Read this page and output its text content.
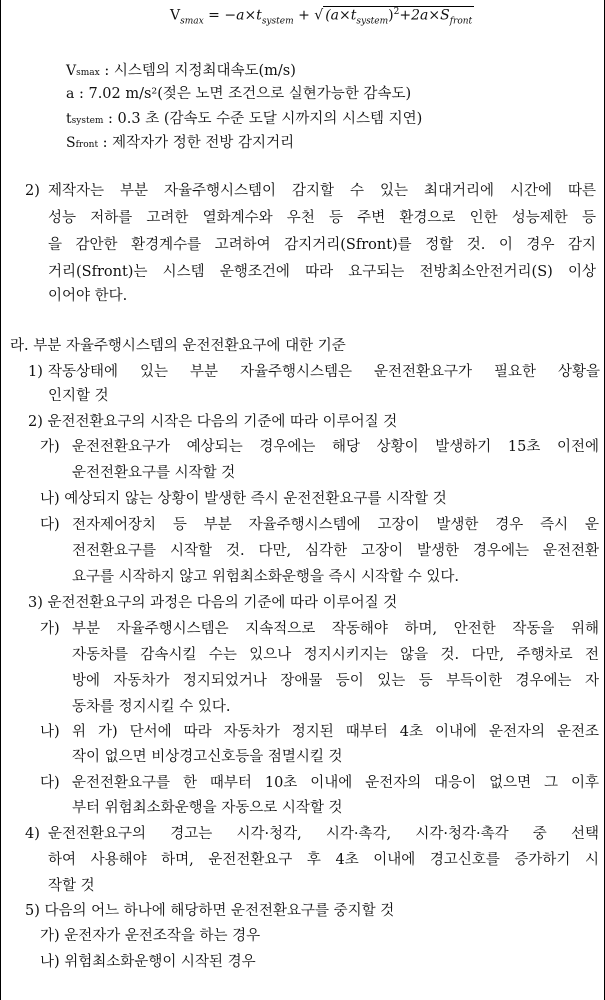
$V_{smax} = -a\times t_{system}$ + √ $(a\times t_{system})^2+2a\times S_{front}$
Vsmax : 시스템의 지정최대속도(m/s)
a : 7.02 m/s²(젖은 노면 조건으로 실현가능한 감속도)
tsystem : 0.3 초 (감속도 수준 도달 시까지의 시스템 지연)
Sfront : 제작자가 정한 전방 감지거리
2) 제작자는 부분 자율주행시스템이 감지할 수 있는 최대거리에 시간에 따른
성능 저하를 고려한 열화계수와 우천 등 주변 환경으로 인한 성능제한 등
을 감안한 환경계수를 고려하여 감지거리(Sfront)를 정할 것. 이 경우 감지
거리(Sfront)는 시스템 운행조건에 따라 요구되는 전방최소안전거리(S) 이상
이어야 한다.
라. 부분 자율주행시스템의 운전전환요구에 대한 기준
1) 작동상태에 있는 부분 자율주행시스템은 운전전환요구가 필요한 상황을
인지할 것
2) 운전전환요구의 시작은 다음의 기준에 따라 이루어질 것
가) 운전전환요구가 예상되는 경우에는 해당 상황이 발생하기 15초 이전에
운전전환요구를 시작할 것
나) 예상되지 않는 상황이 발생한 즉시 운전전환요구를 시작할 것
다) 전자제어장치 등 부분 자율주행시스템에 고장이 발생한 경우 즉시 운
전전환요구를 시작할 것. 다만, 심각한 고장이 발생한 경우에는 운전전환
요구를 시작하지 않고 위험최소화운행을 즉시 시작할 수 있다.
3) 운전전환요구의 과정은 다음의 기준에 따라 이루어질 것
가) 부분 자율주행시스템은 지속적으로 작동해야 하며, 안전한 작동을 위해
자동차를 감속시킬 수는 있으나 정지시키지는 않을 것. 다만, 주행차로 전
방에 자동차가 정지되었거나 장애물 등이 있는 등 부득이한 경우에는 자
동차를 정지시킬 수 있다.
나) 위 가) 단서에 따라 자동차가 정지된 때부터 4초 이내에 운전자의 운전조
작이 없으면 비상경고신호등을 점멸시킬 것
다) 운전전환요구를 한 때부터 10초 이내에 운전자의 대응이 없으면 그 이후
부터 위험최소화운행을 자동으로 시작할 것
4) 운전전환요구의 경고는 시각·청각, 시각·촉각, 시각·청각·촉각 중 선택
하여 사용해야 하며, 운전전환요구 후 4초 이내에 경고신호를 증가하기 시
작할 것
5) 다음의 어느 하나에 해당하면 운전전환요구를 중지할 것
가) 운전자가 운전조작을 하는 경우
나) 위험최소화운행이 시작된 경우
